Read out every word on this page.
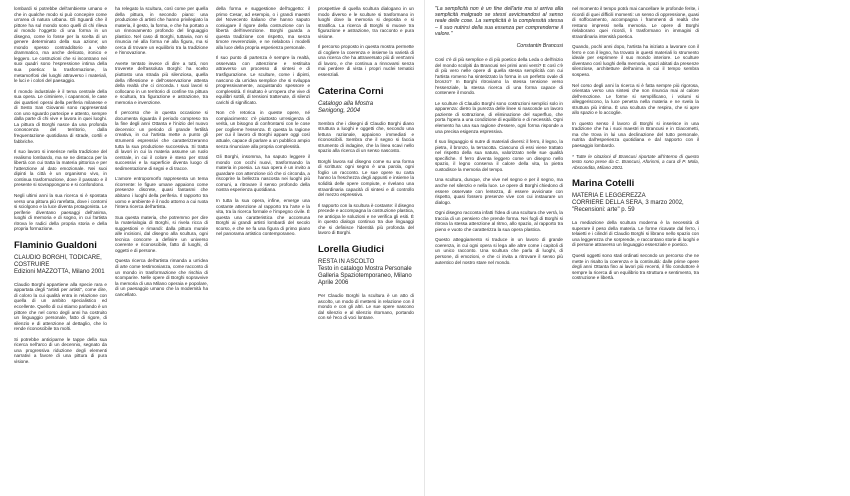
lombardi si potrebbe dell'ambiente umano e che in qualche modo si può concepire come un'area di natura urbana. Gli Sguardi che il pittore ha sul mondo sono quelli di chi rileva al mondo l'oggetto di una forma in un disegno, come lo fosse per la scelta di un genere determinato della sua azione; un mondo spesso contradditorio a volte drammatico, ma anche delicato, ironico e leggero. Le costruzioni che si incontrano nei suoi quadri sono l'espressione intima della sua poetica: la trasformazione, la metamorfosi dei luoghi attraverso i materiali, le luci e i colori del paesaggio.

Il mondo industriale è il tema centrale della sua opera. Le ciminiere, i capannoni, le case dei quartieri operai della periferia milanese e di Sesto San Giovanni sono rappresentati con uno sguardo partecipe e attento, sempre dalla parte di chi vive e lavora in quei luoghi. La pittura di Borghi nasce da una profonda conoscenza del territorio, dalla frequentazione quotidiana di strade, cortili e fabbriche.

Il suo lavoro si inserisce nella tradizione del realismo lombardo, ma se ne distacca per la libertà con cui tratta la materia pittorica e per l'attenzione al dato emozionale. Nei suoi dipinti la città è un organismo vivo, in continua trasformazione, dove il passato e il presente si sovrappongono e si confondono.

Negli ultimi anni la sua ricerca si è spostata verso una pittura più rarefatta, dove i contorni si sciolgono e la luce diventa protagonista. Le periferie diventano paesaggi dell'anima, luoghi di memoria e di sogno, in cui l'artista ritrova le radici della propria storia e della propria formazione.

Flaminio Gualdoni
CLAUDIO BORGHI, TODICARE, COSTRUIRE
Edizioni MAZZOTTA, Milano 2001

Claudio Borghi appartiene alla specie rara e appartata degli "artisti per artisti", come dire, di coloro la cui qualità entra in relazione con quella di un ambito specialistico ed eccellente. Quello di cui stiamo parlando è un pittore che nel corso degli anni ha costruito un linguaggio personale, fatto di rigore, di silenzio e di attenzione al dettaglio, che lo rende riconoscibile tra molti.

Si potrebbe anticiparne le tappe della sua ricerca nell'arco di un decennio, segnato da una progressiva riduzione degli elementi narrativi a favore di una pittura di pura visione.

ha relegato la scultura, così come per quella della pittura, in secondo piano: una produzione di artisti che hanno privilegiato la materia, il gesto, la forma, e che ha portato a un rinnovamento profondo del linguaggio plastico. Nel caso di Borghi, tuttavia, non si rinuncia né alla forma né alla figura, ma si cerca di trovare un equilibrio tra la tradizione e l'innovazione.

Averte tentato invece di dire a tutti, non troverete dell'assoluta Borghi: ha scelto piuttosto una strada più silenziosa, quella della riflessione e dell'osservazione attenta della realtà che ci circonda. I suoi lavori si collocano in un territorio di confine tra pittura e scultura, tra figurazione e astrazione, tra memoria e invenzione.

Il percorso che in questa occasione si documenta riguarda il periodo compreso tra la fine degli anni Ottanta e l'inizio del nuovo decennio: un periodo di grande fertilità creativa, in cui l'artista mette a punto gli strumenti espressivi che caratterizzeranno tutta la sua produzione successiva. Si tratta di lavori in cui la materia assume un ruolo centrale, in cui il colore è steso per strati successivi e la superficie diventa luogo di sedimentazione di segni e di tracce.

L'amore entropomorfo rappresenta un tema ricorrente: le figure umane appaiono come presenze discrete, quasi fantasmi che abitano i luoghi della periferia. Il rapporto tra uomo e ambiente è il nodo attorno a cui ruota l'intera ricerca dell'artista.

Sua questa materia, che potremmo per dire la materialogia di Borghi, si rivela ricca di suggestioni e rimandi: dalla pittura murale alle incisioni, dal disegno alla scultura, ogni tecnica concorre a definire un universo coerente e riconoscibile, fatto di luoghi, di oggetti e di persone.

Questa ricerca dell'artista rimanda a un'idea di arte come testimonianza, come racconto di un mondo in trasformazione che rischia di scomparire. Nelle opere di Borghi sopravvive la memoria di una Milano operaia e popolare, di un paesaggio umano che la modernità ha cancellato.

della forma e suggestione dell'oggetto: il primo Cesar, ad esempio, o i grandi maestri del Novecento italiano che hanno saputo coniugare il rigore della costruzione con la libertà dell'invenzione. Borghi guarda a questa tradizione con rispetto, ma senza timore reverenziale, e ne rielabora i modelli alla luce della propria esperienza personale.

Il suo punto di partenza è sempre la realtà, osservata con attenzione e restituita attraverso un processo di sintesi e di trasfigurazione. Le sculture, come i dipinti, nascono da un'idea semplice che si sviluppa progressivamente, acquistando spessore e complessità. Il risultato è un'opera che vive di equilibri sottili, di tensioni trattenute, di silenzi carichi di significato.

Non c'è retorica in queste opere, né compiacimento: c'è piuttosto un'esigenza di verità, un bisogno di confrontarsi con le cose per coglierne l'essenza. È questa la ragione per cui il lavoro di Borghi appare oggi così attuale, capace di parlare a un pubblico ampio senza rinunciare alla propria complessità.

Gli Borghi, insomma, ha saputo leggere il mondo con occhi nuovi, trasformando la materia in poesia. La sua opera è un invito a guardare con attenzione ciò che ci circonda, a riscoprire la bellezza nascosta nei luoghi più comuni, a ritrovare il senso profondo della nostra esperienza quotidiana.

In tutta la sua opera, infine, emerge una costante attenzione al rapporto tra l'arte e la vita, tra la ricerca formale e l'impegno civile. È questa una caratteristica che accomuna Borghi ai grandi artisti lombardi del secolo scorso, e che ne fa una figura di primo piano nel panorama artistico contemporaneo.

prospettive di quella scultura dialogano in un modo diverso e le sculture si trasformano in luoghi dove la memoria si deposita e si stratifica. La ricerca di Borghi si muove tra figurazione e astrazione, tra racconto e pura visione.

Il percorso proposto in questa mostra permette di cogliere la coerenza e insieme la varietà di una ricerca che ha attraversato più di vent'anni di lavoro, e che continua a rinnovarsi senza mai perdere di vista i propri nuclei tematici essenziali.

Caterina Corni
Catalogo alla Mostra
Senigong, 2004

Sembra che i disegni di Claudio Borghi diano struttura a luoghi e oggetti che, secondo una lettura razionale, appaiono immediati e riconoscibili. Sembra che il segno si faccia strumento di indagine, che la linea scavi nello spazio alla ricerca di un senso nascosto.

Borghi lavora sul disegno come su una forma di scrittura: ogni segno è una parola, ogni foglio un racconto. Le sue opere su carta hanno la freschezza degli appunti e insieme la solidità delle opere compiute, e rivelano una straordinaria capacità di sintesi e di controllo del mezzo espressivo.

Il rapporto con la scultura è costante: il disegno precede e accompagna la costruzione plastica, ne anticipa le soluzioni e ne verifica gli esiti. È in questo dialogo continuo tra due linguaggi che si definisce l'identità più profonda del lavoro di Borghi.

Lorella Giudici
RESTA IN ASCOLTO
Testo in catalogo Mostra Personale
Galleria Spaziotemporaneo, Milano
Aprile 2006

Per Claudio Borghi la scultura è un atto di ascolto, un modo di mettersi in relazione con il mondo e con gli altri. Le sue opere nascono dal silenzio e al silenzio ritornano, portando con sé l'eco di voci lontane.

"La semplicità non è un fine dell'arte ma si arriva alla semplicità malgrado se stessi avvicinandosi al senso reale delle cose. La semplicità è la complessità stessa – il suo nutrirsi della sua essenza per comprenderne il valore."

Constantin Brancusi

Così c'è di più semplice e di più poetico della Leda o dell'inizio del mondo scolpiti da Brancusi nei primi anni venti? E così c'è di più vero nelle opere di quella stessa semplicità con cui l'artista romeno ha sintetizzato la forma in un perfetto ovale di bronzo? In Borghi ritroviamo la stessa tensione verso l'essenziale, la stessa ricerca di una forma capace di contenere il mondo.

Le sculture di Claudio Borghi sono costruzioni semplici solo in apparenza: dietro la purezza delle linee si nasconde un lavoro paziente di sottrazione, di eliminazione del superfluo, che porta l'opera a una condizione di equilibrio e di necessità. Ogni elemento ha una sua ragione d'essere, ogni forma risponde a una precisa esigenza espressiva.

Il suo linguaggio si nutre di materiali diversi: il ferro, il legno, la pietra, il bronzo, la terracotta. Ciascuno di essi viene trattato nel rispetto della sua natura, valorizzato nelle sue qualità specifiche. Il ferro diventa leggero come un disegno nello spazio, il legno conserva il calore della vita, la pietra custodisce la memoria del tempo.

Una scultura, dunque, che vive nel segno e per il segno, ma anche nel silenzio e nella luce. Le opere di Borghi chiedono di essere osservate con lentezza, di essere avvicinate con rispetto, quasi fossero presenze vive con cui instaurare un dialogo.

Ogni disegno racconta infatti l'idea di una scultura che verrà, la traccia di un pensiero che prende forma. Nei fogli di Borghi si ritrova la stessa attenzione al ritmo, allo spazio, al rapporto tra pieno e vuoto che caratterizza la sua opera plastica.

Questo atteggiamento si traduce in un lavoro di grande coerenza, in cui ogni opera si lega alle altre come i capitoli di un unico racconto. Una scultura che parla di luoghi, di persone, di emozioni, e che ci invita a ritrovare il senso più autentico del nostro stare nel mondo.

nel momento il tempo potrà mai cancellare le profonde ferite, i ricordi di quei difficili momenti: un senso di oppressione, quasi di soffocamento, accompagna i frammenti di realtà che restano impressi nella memoria. Le opere di Borghi rielaborano quei ricordi, li trasformano in immagini di straordinaria intensità poetica.

Quando, pochi anni dopo, l'artista ha iniziato a lavorare con il ferro e con il legno, ha trovato in questi materiali lo strumento ideale per esprimere il suo mondo interiore. Le sculture diventano così luoghi della memoria, spazi abitati da presenze silenziose, architetture dell'anima in cui il tempo sembra sospeso.

Nel corso degli anni la ricerca si è fatta sempre più rigorosa, orientata verso una sintesi che non rinuncia mai al calore dell'emozione. Le forme si semplificano, i volumi si alleggeriscono, la luce penetra nella materia e ne svela la struttura più intima. È una scultura che respira, che si apre allo spazio e lo accoglie.

In questo senso il lavoro di Borghi si inserisce in una tradizione che ha i suoi maestri in Brancusi e in Giacometti, ma che trova in lui una declinazione del tutto personale, nutrita dall'esperienza quotidiana e dal rapporto con il paesaggio lombardo.

* Tutte le citazioni di Brancusi riportate all'interno di questo testo sono prese da C. Brancusi, Aforismi, a cura di P. Mola, Abscondita, Milano 2001.

Marina Cotelli
MATERIA E LEGGEREZZA
CORRIERE DELLA SERA, 3 marzo 2002,
"Recensioni: arte" p. 59

La mediazione della scultura moderna è la necessità di superare il peso della materia. Le forme ricavate dal ferro, i telaietti e i cilindri di Claudio Borghi si librano nello spazio con una leggerezza che sorprende, e raccontano storie di luoghi e di persone attraverso un linguaggio essenziale e poetico.

Questi oggetti sono stati ordinati secondo un percorso che ne mette in risalto la coerenza e la continuità: dalle prime opere degli anni Ottanta fino ai lavori più recenti, il filo conduttore è sempre la ricerca di un equilibrio tra struttura e sentimento, tra costruzione e libertà.
